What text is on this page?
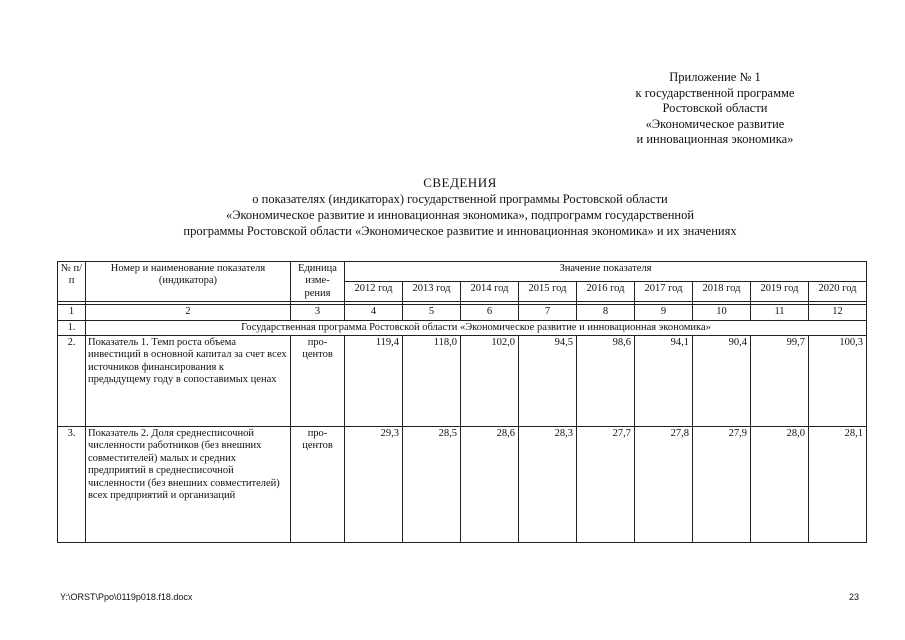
Приложение № 1
к государственной программе
Ростовской области
«Экономическое развитие
и инновационная экономика»
СВЕДЕНИЯ
о показателях (индикаторах) государственной программы Ростовской области
«Экономическое развитие и инновационная экономика», подпрограмм государственной
программы Ростовской области «Экономическое развитие и инновационная экономика» и их значениях
№ п/п	Номер и наименование показателя (индикатора)	Единица изме-рения	Значение показателя								
			2012 год	2013 год	2014 год	2015 год	2016 год	2017 год	2018 год	2019 год	2020 год

1	2	3	4	5	6	7	8	9	10	11	12
1.	Государственная программа Ростовской области «Экономическое развитие и инновационная экономика»										
2.	Показатель 1. Темп роста объема инвестиций в основной капитал за счет всех источников финансирования к предыдущему году в сопоставимых ценах	про-центов	119,4	118,0	102,0	94,5	98,6	94,1	90,4	99,7	100,3
3.	Показатель 2. Доля среднесписочной численности работников (без внешних совместителей) малых и средних предприятий в среднесписочной численности (без внешних совместителей) всех предприятий и организаций	про-центов	29,3	28,5	28,6	28,3	27,7	27,8	27,9	28,0	28,1
Y:\ORST\Ppo\0119p018.f18.docx	23
